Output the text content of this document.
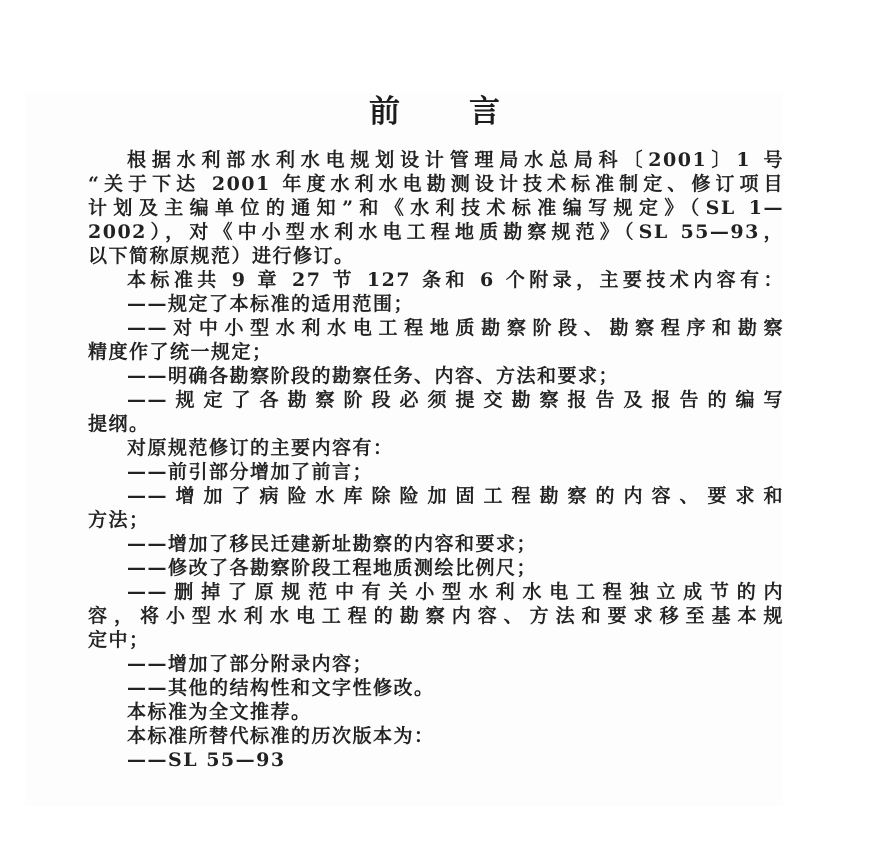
前 言
根据水利部水利水电规划设计管理局水总局科〔2001〕1 号
“关于下达 2001 年度水利水电勘测设计技术标准制定、修订项目
计划及主编单位的通知”和《水利技术标准编写规定》（SL 1—
2002），对《中小型水利水电工程地质勘察规范》（SL 55—93，
以下简称原规范）进行修订。
本标准共 9 章 27 节 127 条和 6 个附录，主要技术内容有：
——规定了本标准的适用范围；
——对中小型水利水电工程地质勘察阶段、勘察程序和勘察
精度作了统一规定；
——明确各勘察阶段的勘察任务、内容、方法和要求；
——规定了各勘察阶段必须提交勘察报告及报告的编写
提纲。
对原规范修订的主要内容有：
——前引部分增加了前言；
——增加了病险水库除险加固工程勘察的内容、要求和
方法；
——增加了移民迁建新址勘察的内容和要求；
——修改了各勘察阶段工程地质测绘比例尺；
——删掉了原规范中有关小型水利水电工程独立成节的内
容，将小型水利水电工程的勘察内容、方法和要求移至基本规
定中；
——增加了部分附录内容；
——其他的结构性和文字性修改。
本标准为全文推荐。
本标准所替代标准的历次版本为：
——SL 55—93
